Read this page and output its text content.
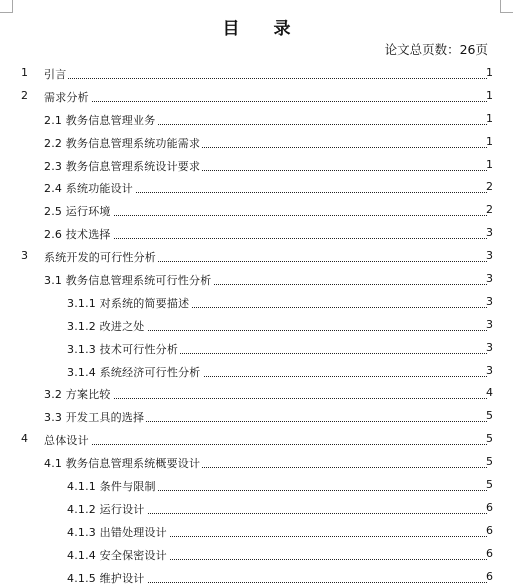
目 录
论文总页数：26页
1 引言	1
2 需求分析	1
2.1 教务信息管理业务	1
2.2 教务信息管理系统功能需求	1
2.3 教务信息管理系统设计要求	1
2.4 系统功能设计	2
2.5 运行环境	2
2.6 技术选择	3
3 系统开发的可行性分析	3
3.1 教务信息管理系统可行性分析	3
3.1.1 对系统的简要描述	3
3.1.2 改进之处	3
3.1.3 技术可行性分析	3
3.1.4 系统经济可行性分析	3
3.2 方案比较	4
3.3 开发工具的选择	5
4 总体设计	5
4.1 教务信息管理系统概要设计	5
4.1.1 条件与限制	5
4.1.2 运行设计	6
4.1.3 出错处理设计	6
4.1.4 安全保密设计	6
4.1.5 维护设计	6
